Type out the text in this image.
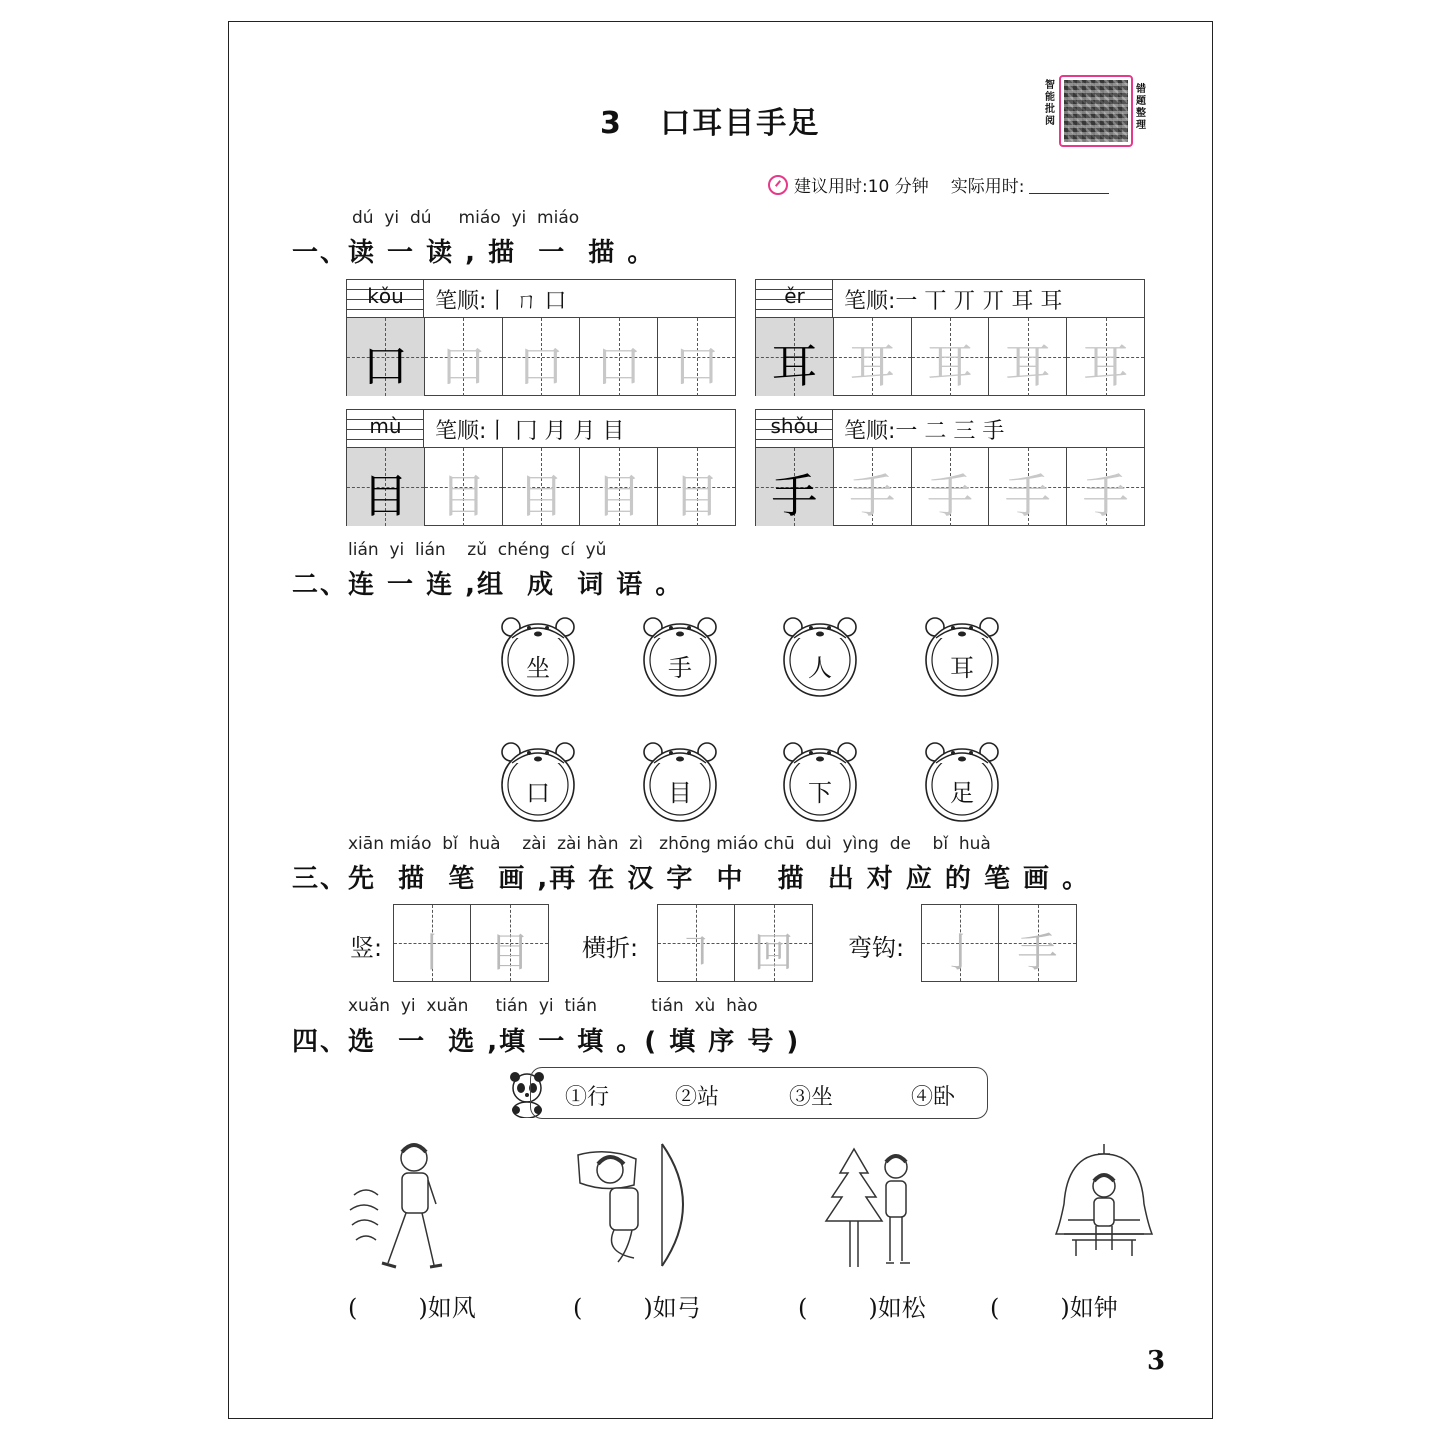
3 口耳目手足
智
能
批
阅
错
题
整
理
建议用时:10 分钟 实际用时:
dú  yi  dú     miáo  yi  miáo
一、读 一 读 , 描  一  描 。
kǒu	笔顺:丨 ㄇ 口
口 口 口 口 口
ěr	笔顺:一 丅 丌 丌 耳 耳
耳 耳 耳 耳 耳
mù	笔顺:丨 冂 月 月 目
目 目 目 目 目
shǒu	笔顺:一 二 三 手
手 手 手 手 手
lián  yi  lián    zǔ  chéng  cí  yǔ
二、连 一 连 ,组  成  词 语 。
坐	手	人	耳
口	目	下	足
xiān miáo  bǐ  huà    zài  zài hàn  zì   zhōng miáo chū  duì  yìng  de    bǐ  huà
三、先  描  笔  画 ,再 在 汉 字  中   描  出 对 应 的 笔 画 。
竖: 丨 目	横折: ㇕ 回	弯钩: 亅 手
xuǎn  yi  xuǎn     tián  yi  tián          tián  xù  hào
四、选  一  选 ,填 一 填 。( 填 序 号 )
①行	②站	③坐	④卧
(        )如风	(        )如弓	(        )如松	(        )如钟
3
